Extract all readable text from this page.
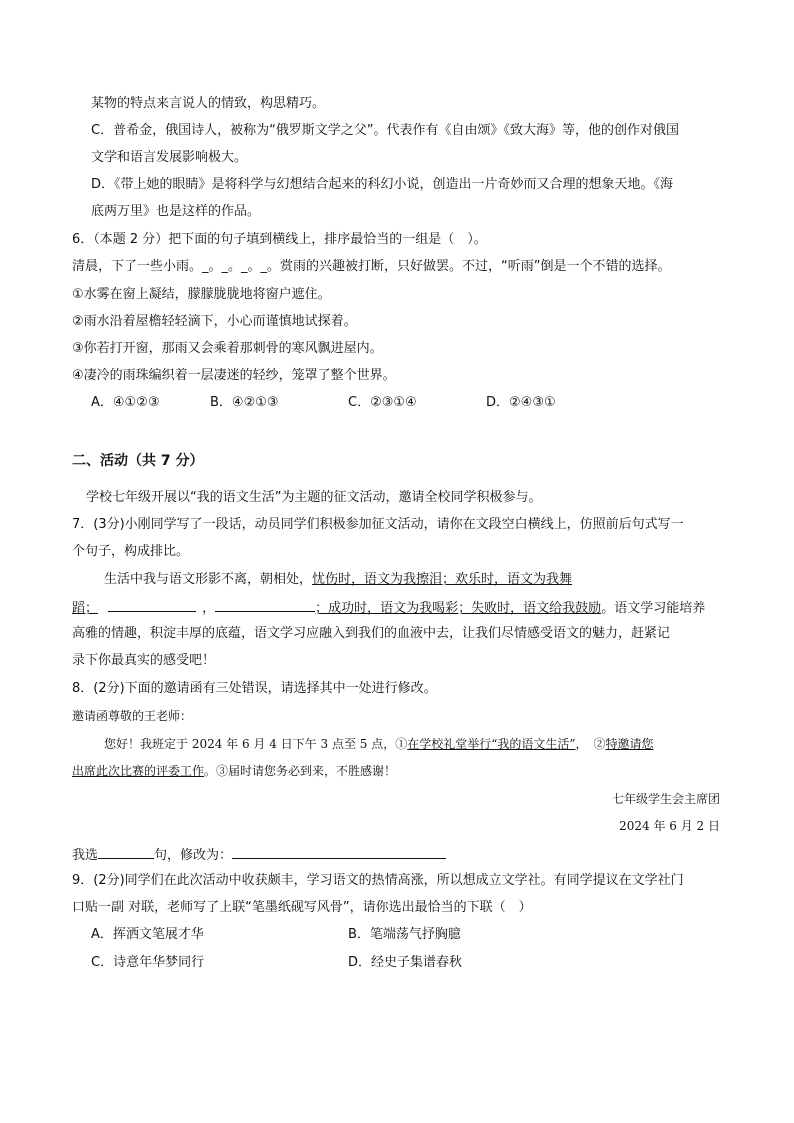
某物的特点来言说人的情致，构思精巧。
C．普希金，俄国诗人，被称为“俄罗斯文学之父”。代表作有《自由颂》《致大海》等，他的创作对俄国
文学和语言发展影响极大。
D．《带上她的眼睛》是将科学与幻想结合起来的科幻小说，创造出一片奇妙而又合理的想象天地。《海
底两万里》也是这样的作品。
6．（本题 2 分）把下面的句子填到横线上，排序最恰当的一组是（　）。
清晨，下了一些小雨。_。_。_。_。赏雨的兴趣被打断，只好做罢。不过，“听雨”倒是一个不错的选择。
①水雾在窗上凝结，朦朦胧胧地将窗户遮住。
②雨水沿着屋檐轻轻滴下，小心而谨慎地试探着。
③你若打开窗，那雨又会乘着那刺骨的寒风飘进屋内。
④凄冷的雨珠编织着一层凄迷的轻纱，笼罩了整个世界。
A．④①②③	B．④②①③	C．②③①④	D．②④③①
二、活动（共 7 分）
学校七年级开展以“我的语文生活”为主题的征文活动，邀请全校同学积极参与。
7．(3分)小刚同学写了一段话，动员同学们积极参加征文活动，请你在文段空白横线上，仿照前后句式写一
个句子，构成排比。
生活中我与语文形影不离，朝相处，忧伤时，语文为我擦泪；欢乐时，语文为我舞
蹈；	，	；成功时，语文为我喝彩；失败时，语文给我鼓励。语文学习能培养
高雅的情趣，积淀丰厚的底蕴，语文学习应融入到我们的血液中去，让我们尽情感受语文的魅力，赶紧记
录下你最真实的感受吧！
8．(2分)下面的邀请函有三处错误，请选择其中一处进行修改。
邀请函尊敬的王老师：
您好！我班定于 2024 年 6 月 4 日下午 3 点至 5 点，①在学校礼堂举行“我的语文生活”，　②特邀请您
出席此次比赛的评委工作。③届时请您务必到来，不胜感谢！
七年级学生会主席团
2024 年 6 月 2 日
我选	句，修改为：
9．(2分)同学们在此次活动中收获颇丰，学习语文的热情高涨，所以想成立文学社。有同学提议在文学社门
口贴一副 对联，老师写了上联“笔墨纸砚写风骨”，请你选出最恰当的下联（　）
A．挥洒文笔展才华	B．笔端荡气抒胸臆
C．诗意年华梦同行	D．经史子集谱春秋
